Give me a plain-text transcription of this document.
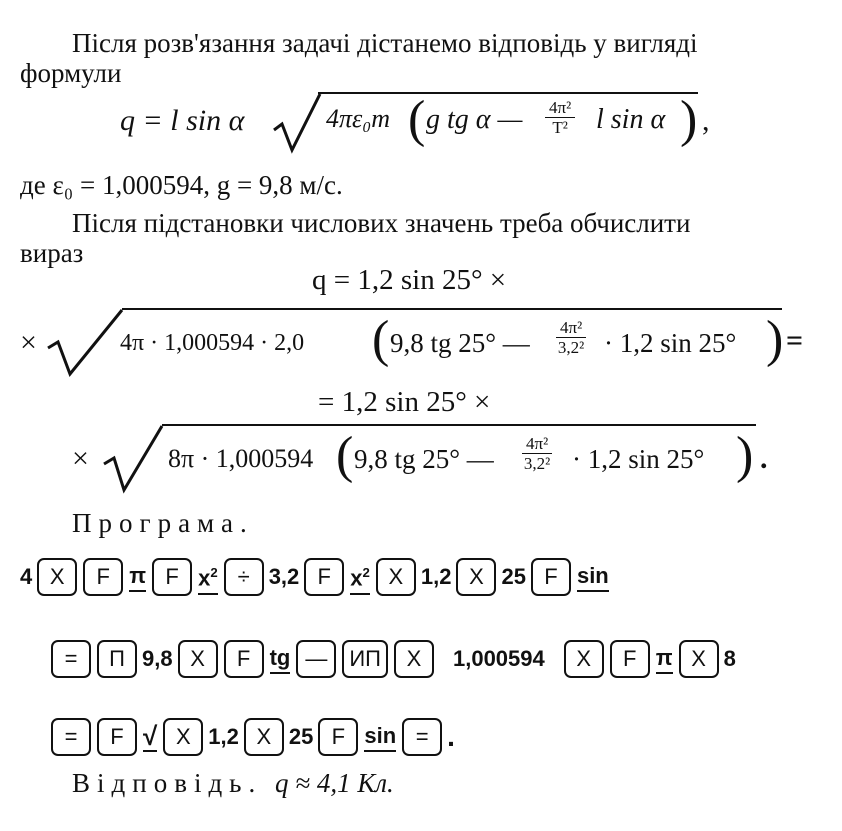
Після розв'язання задачі дістанемо відповідь у вигляді
формули
q = l sin α	4πε₀m ( g tg α — $\frac{\text{4π²}}{\text{T²}}$ l sin α ) ,
де ε₀ = 1,000594, g = 9,8 м/с.
Після підстановки числових значень треба обчислити
вираз
q = 1,2 sin 25° ×
×	4π · 1,000594 · 2,0 ( 9,8 tg 25° — $\frac{\text{4π²}}{\text{3,2²}} \cdot 1,2$ sin 25° ) =
= 1,2 sin 25° ×
×	8π · 1,000594 ( 9,8 tg 25° — $\frac{\text{4π²}}{\text{3,2²}} \cdot 1,2$ sin 25° ) .
Програма.
4 X	F π F $x^2 \div 3,2$ F $x^2$ X 1,2 X 25 F sin
=	П 9,8 X	F tg —	ИП	X	1,000594	X	F π X 8
=	F √ X 1,2 X 25 F sin = .
Відповідь. q ≈ 4,1 Кл.
